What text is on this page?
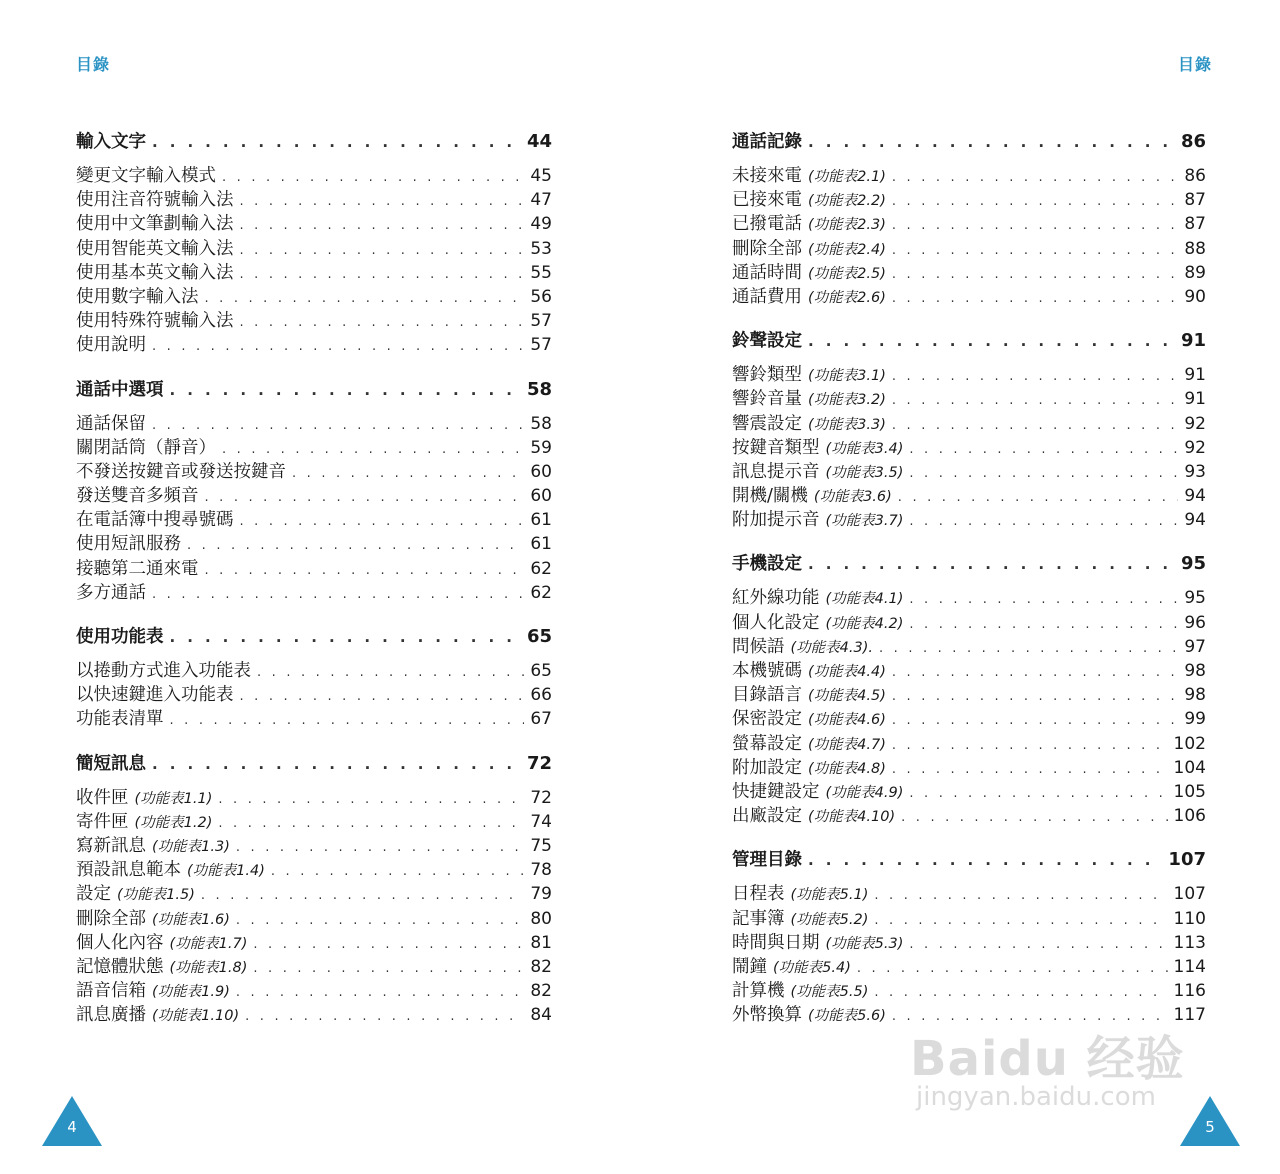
目錄
輸入文字 . . .	44
變更文字輸入模式 . . .	45
使用注音符號輸入法 . . .	47
使用中文筆劃輸入法 . . .	49
使用智能英文輸入法 . . .	53
使用基本英文輸入法 . . .	55
使用數字輸入法 . . .	56
使用特殊符號輸入法 . . .	57
使用說明 . . .	57
通話中選項 . . .	58
通話保留 . . .	58
關閉話筒（靜音） . . .	59
不發送按鍵音或發送按鍵音 . . .	60
發送雙音多頻音 . . .	60
在電話簿中搜尋號碼 . . .	61
使用短訊服務 . . .	61
接聽第二通來電 . . .	62
多方通話 . . .	62
使用功能表 . . .	65
以捲動方式進入功能表 . . .	65
以快速鍵進入功能表 . . .	66
功能表清單 . . .	67
簡短訊息 . . .	72
收件匣 (功能表1.1) . . .	72
寄件匣 (功能表1.2) . . .	74
寫新訊息 (功能表1.3) . . .	75
預設訊息範本 (功能表1.4) . . .	78
設定 (功能表1.5) . . .	79
刪除全部 (功能表1.6) . . .	80
個人化內容 (功能表1.7) . . .	81
記憶體狀態 (功能表1.8) . . .	82
語音信箱 (功能表1.9) . . .	82
訊息廣播 (功能表1.10) . . .	84
4
目錄
通話記錄 . . .	86
未接來電 (功能表2.1) . . .	86
已接來電 (功能表2.2) . . .	87
已撥電話 (功能表2.3) . . .	87
刪除全部 (功能表2.4) . . .	88
通話時間 (功能表2.5) . . .	89
通話費用 (功能表2.6) . . .	90
鈴聲設定 . . .	91
響鈴類型 (功能表3.1) . . .	91
響鈴音量 (功能表3.2) . . .	91
響震設定 (功能表3.3) . . .	92
按鍵音類型 (功能表3.4) . . .	92
訊息提示音 (功能表3.5) . . .	93
開機/關機 (功能表3.6) . . .	94
附加提示音 (功能表3.7) . . .	94
手機設定 . . .	95
紅外線功能 (功能表4.1) . . .	95
個人化設定 (功能表4.2) . . .	96
問候語 (功能表4.3). . . .	97
本機號碼 (功能表4.4) . . .	98
目錄語言 (功能表4.5) . . .	98
保密設定 (功能表4.6) . . .	99
螢幕設定 (功能表4.7) . . .	102
附加設定 (功能表4.8) . . .	104
快捷鍵設定 (功能表4.9) . . .	105
出廠設定 (功能表4.10) . . .	106
管理目錄 . . .	107
日程表 (功能表5.1) . . .	107
記事簿 (功能表5.2) . . .	110
時間與日期 (功能表5.3) . . .	113
鬧鐘 (功能表5.4) . . .	114
計算機 (功能表5.5) . . .	116
外幣換算 (功能表5.6) . . .	117
5
Baidu 经验
jingyan.baidu.com
